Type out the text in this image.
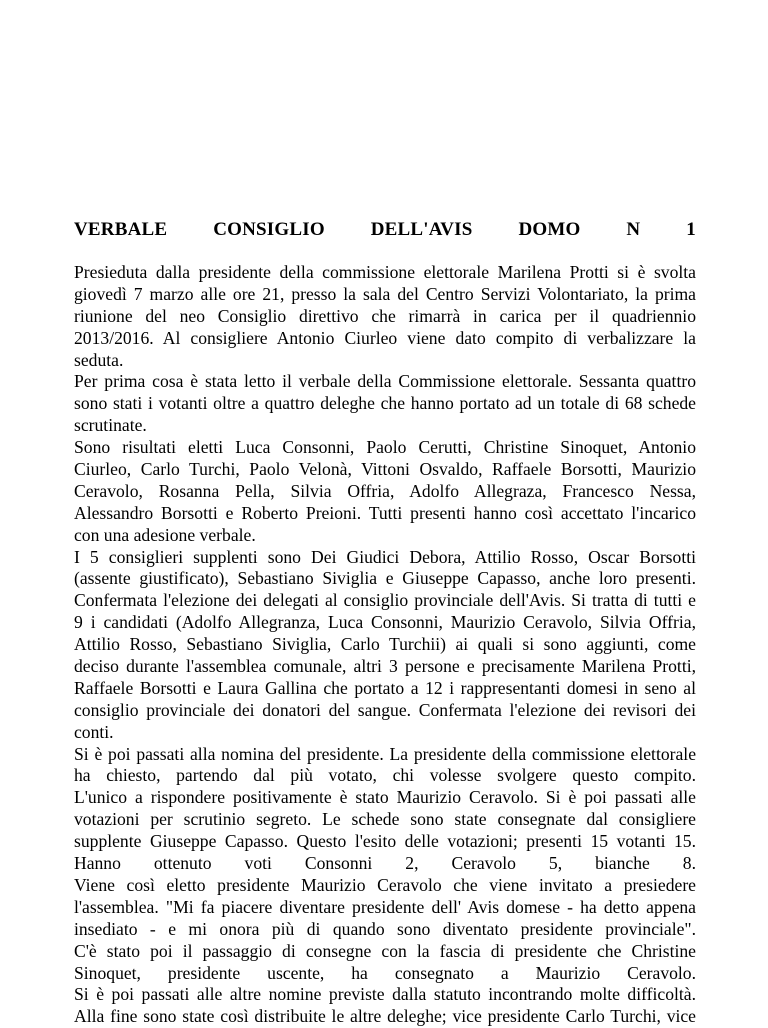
VERBALE CONSIGLIO DELL'AVIS DOMO N 1
Presieduta dalla presidente della commissione elettorale Marilena Protti si è svolta
giovedì 7 marzo alle ore 21, presso la sala del Centro Servizi Volontariato, la prima
riunione del neo Consiglio direttivo che rimarrà in carica per il quadriennio
2013/2016. Al consigliere Antonio Ciurleo viene dato compito di verbalizzare la
seduta.
Per prima cosa è stata letto il verbale della Commissione elettorale. Sessanta quattro
sono stati i votanti oltre a quattro deleghe che hanno portato ad un totale di 68 schede
scrutinate.
Sono risultati eletti Luca Consonni, Paolo Cerutti, Christine Sinoquet, Antonio
Ciurleo, Carlo Turchi, Paolo Velonà, Vittoni Osvaldo, Raffaele Borsotti, Maurizio
Ceravolo, Rosanna Pella, Silvia Offria, Adolfo Allegraza, Francesco Nessa,
Alessandro Borsotti e Roberto Preioni. Tutti presenti hanno così accettato l'incarico
con una adesione verbale.
I 5 consiglieri supplenti sono Dei Giudici Debora, Attilio Rosso, Oscar Borsotti
(assente giustificato), Sebastiano Siviglia e Giuseppe Capasso, anche loro presenti.
Confermata l'elezione dei delegati al consiglio provinciale dell'Avis. Si tratta di tutti e
9 i candidati (Adolfo Allegranza, Luca Consonni, Maurizio Ceravolo, Silvia Offria,
Attilio Rosso, Sebastiano Siviglia, Carlo Turchii) ai quali si sono aggiunti, come
deciso durante l'assemblea comunale, altri 3 persone e precisamente Marilena Protti,
Raffaele Borsotti e Laura Gallina che portato a 12 i rappresentanti domesi in seno al
consiglio provinciale dei donatori del sangue. Confermata l'elezione dei revisori dei
conti.
Si è poi passati alla nomina del presidente. La presidente della commissione elettorale
ha chiesto, partendo dal più votato, chi volesse svolgere questo compito.
L'unico a rispondere positivamente è stato Maurizio Ceravolo. Si è poi passati alle
votazioni per scrutinio segreto. Le schede sono state consegnate dal consigliere
supplente Giuseppe Capasso. Questo l'esito delle votazioni; presenti 15 votanti 15.
Hanno ottenuto voti Consonni 2, Ceravolo 5, bianche 8.
Viene così eletto presidente Maurizio Ceravolo che viene invitato a presiedere
l'assemblea. "Mi fa piacere diventare presidente dell' Avis domese - ha detto appena
insediato - e mi onora più di quando sono diventato presidente provinciale".
C'è stato poi il passaggio di consegne con la fascia di presidente che Christine
Sinoquet, presidente uscente, ha consegnato a Maurizio Ceravolo.
Si è poi passati alle altre nomine previste dalla statuto incontrando molte difficoltà.
Alla fine sono state così distribuite le altre deleghe; vice presidente Carlo Turchi, vice
